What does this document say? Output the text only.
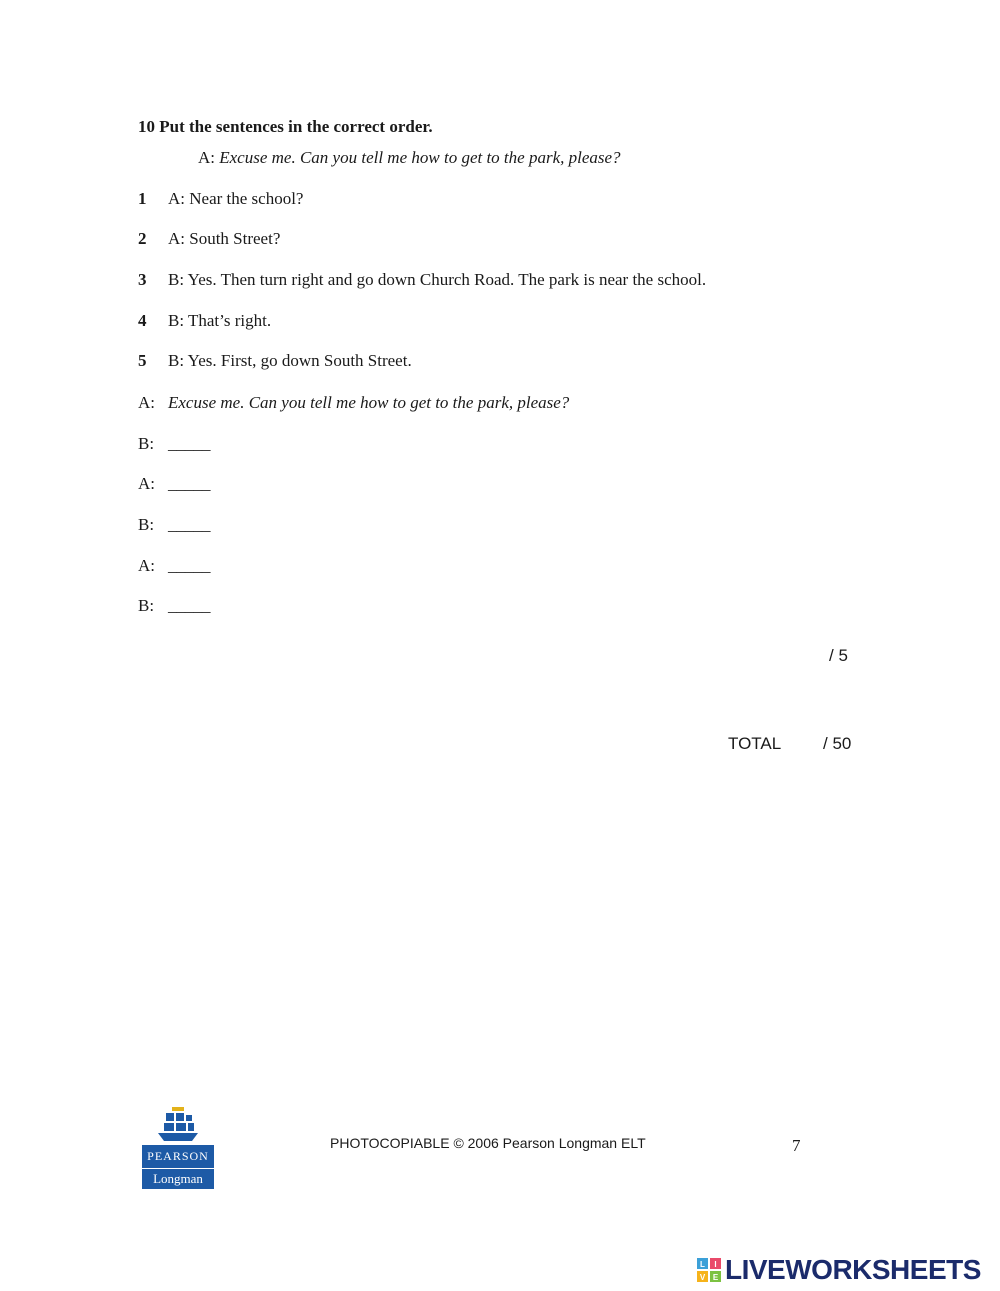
10 Put the sentences in the correct order.
A: Excuse me. Can you tell me how to get to the park, please?
1 A: Near the school?
2 A: South Street?
3 B: Yes. Then turn right and go down Church Road. The park is near the school.
4 B: That’s right.
5 B: Yes. First, go down South Street.
A: Excuse me. Can you tell me how to get to the park, please?
B: _____
A: _____
B: _____
A: _____
B: _____
/ 5
TOTAL / 50
PEARSON
Longman
PHOTOCOPIABLE © 2006 Pearson Longman ELT	7
L I
V E LIVEWORKSHEETS
